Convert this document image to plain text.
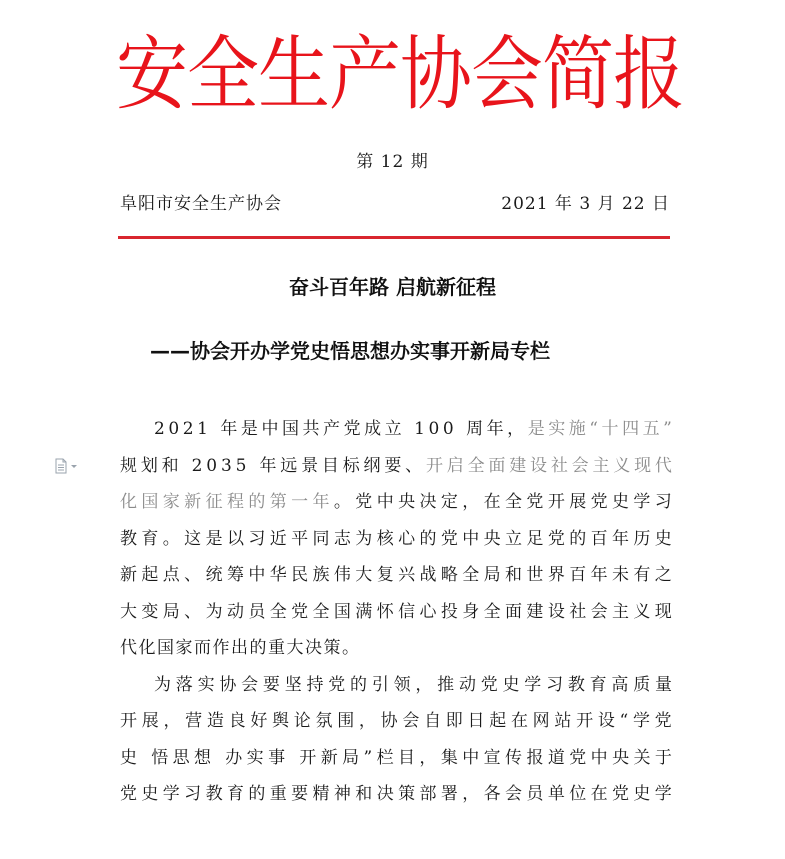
安全生产协会简报
第 12 期
阜阳市安全生产协会	2021 年 3 月 22 日
奋斗百年路 启航新征程
——协会开办学党史悟思想办实事开新局专栏
2 0 2 1
年 是 中 国 共 产 党 成 立
1 0 0
周 年 ， 是 实 施 “ 十 四 五 ”
规 划 和
2 0 3 5
年 远 景 目 标 纲 要 、 开 启 全 面 建 设 社 会 主 义 现 代
化 国 家 新 征 程 的 第 一 年 。 党 中 央 决 定 ， 在 全 党 开 展 党 史 学 习
教 育 。 这 是 以 习 近 平 同 志 为 核 心 的 党 中 央 立 足 党 的 百 年 历 史
新 起 点 、 统 筹 中 华 民 族 伟 大 复 兴 战 略 全 局 和 世 界 百 年 未 有 之
大 变 局 、 为 动 员 全 党 全 国 满 怀 信 心 投 身 全 面 建 设 社 会 主 义 现
代 化 国 家 而 作 出 的 重 大 决 策 。
为 落 实 协 会 要 坚 持 党 的 引 领 ， 推 动 党 史 学 习 教 育 高 质 量
开 展 ， 营 造 良 好 舆 论 氛 围 ， 协 会 自 即 日 起 在 网 站 开 设 “ 学 党
史
悟 思 想
办 实 事
开 新 局 ” 栏 目 ， 集 中 宣 传 报 道 党 中 央 关 于
党 史 学 习 教 育 的 重 要 精 神 和 决 策 部 署 ， 各 会 员 单 位 在 党 史 学
